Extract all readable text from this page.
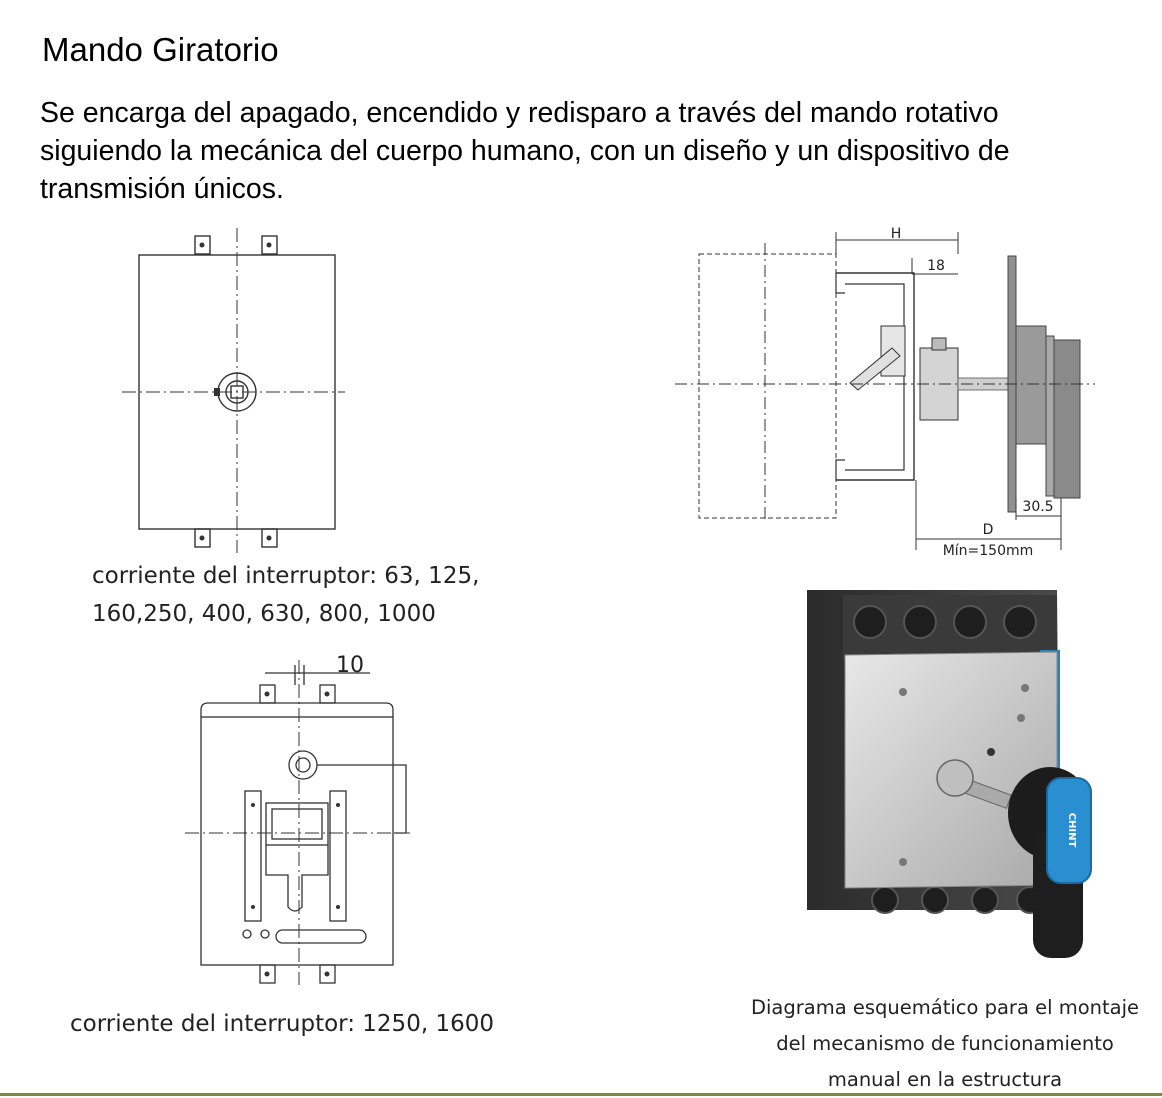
Mando Giratorio
Se encarga del apagado, encendido y redisparo a través del mando rotativo siguiendo la mecánica del cuerpo humano, con un diseño y un dispositivo de transmisión únicos.
corriente del interruptor: 63, 125,
160,250, 400, 630, 800, 1000
10
corriente del interruptor: 1250, 1600
H
18
30.5
D
Mín=150mm
CHINT
Diagrama esquemático para el montaje
del mecanismo de funcionamiento
manual en la estructura
